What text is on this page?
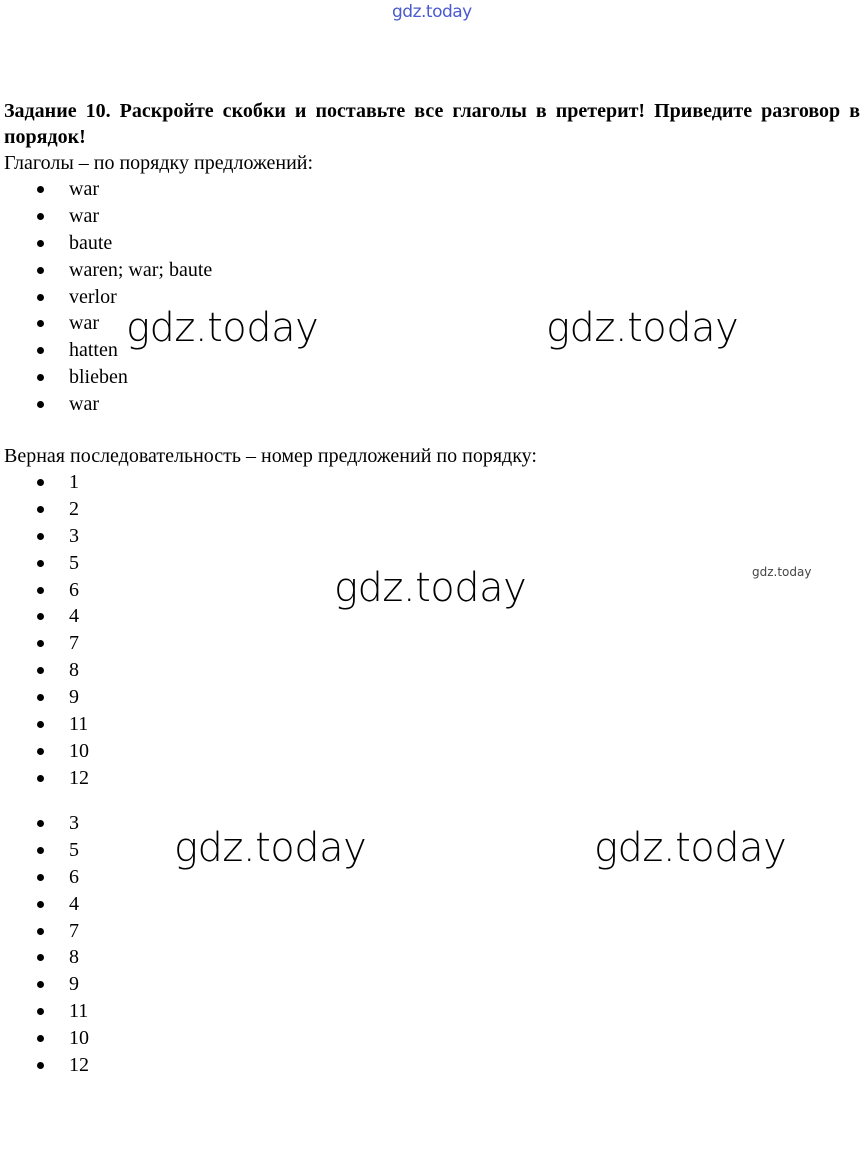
gdz.today
Задание 10. Раскройте скобки и поставьте все глаголы в претерит! Приведите разговор в порядок!
Глаголы – по порядку предложений:
war
war
baute
waren; war; baute
verlor
war
hatten
blieben
war
Верная последовательность – номер предложений по порядку:
1
2
3
5
6
4
7
8
9
11
10
12
3
5
6
4
7
8
9
11
10
12
gdz.today	gdz.today
gdz.today	gdz.today
gdz.today	gdz.today
